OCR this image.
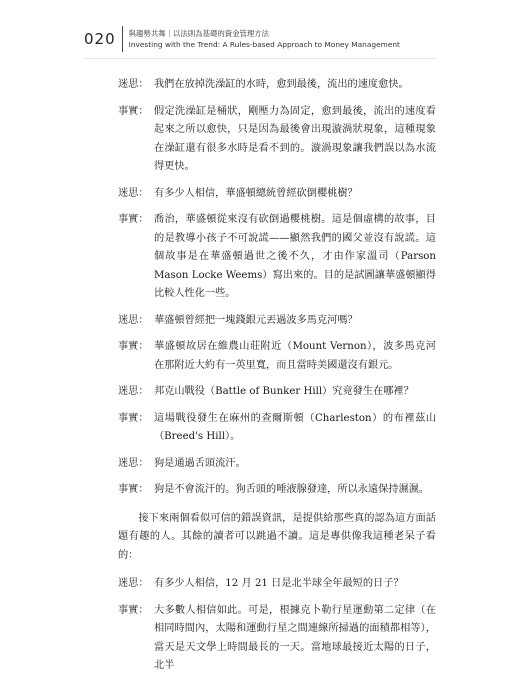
020 與趨勢共舞｜以法則為基礎的資金管理方法
Investing with the Trend: A Rules-based Approach to Money Management
迷思： 我們在放掉洗澡缸的水時，愈到最後，流出的速度愈快。
事實： 假定洗澡缸是桶狀，剛壓力為固定，愈到最後，流出的速度看起來之所以愈快，只是因為最後會出現漩渦狀現象，這種現象在澡缸還有很多水時是看不到的。漩渦現象讓我們誤以為水流得更快。
迷思： 有多少人相信，華盛頓總統曾經砍倒櫻桃樹？
事實： 喬治，華盛頓從來沒有砍倒過櫻桃樹。這是個虛構的故事，目的是教導小孩子不可說謊——顯然我們的國父並沒有說謊。這個故事是在華盛頓過世之後不久，才由作家溫司（Parson Mason Locke Weems）寫出來的。目的是試圖讓華盛頓顯得比較人性化一些。
迷思： 華盛頓曾經把一塊錢銀元丟過波多馬克河嗎？
事實： 華盛頓故居在維農山莊附近（Mount Vernon），波多馬克河在那附近大約有一英里寬，而且當時美國還沒有銀元。
迷思： 邦克山戰役（Battle of Bunker Hill）究竟發生在哪裡？
事實： 這場戰役發生在麻州的查爾斯頓（Charleston）的布裡茲山（Breed's Hill）。
迷思： 狗是通過舌頭流汗。
事實： 狗是不會流汗的。狗舌頭的唾液腺發達，所以永遠保持濕濕。

接下來兩個看似可信的錯誤資訊，是提供給那些真的認為這方面話題有趣的人。其餘的讀者可以跳過不讀。這是專供像我這種老呆子看的：

迷思： 有多少人相信，12 月 21 日是北半球全年最短的日子？
事實： 大多數人相信如此。可是，根據克卜勒行星運動第二定律（在相同時間內，太陽和運動行星之間連線所掃過的面積都相等），當天是天文學上時間最長的一天。當地球最接近太陽的日子，北半
